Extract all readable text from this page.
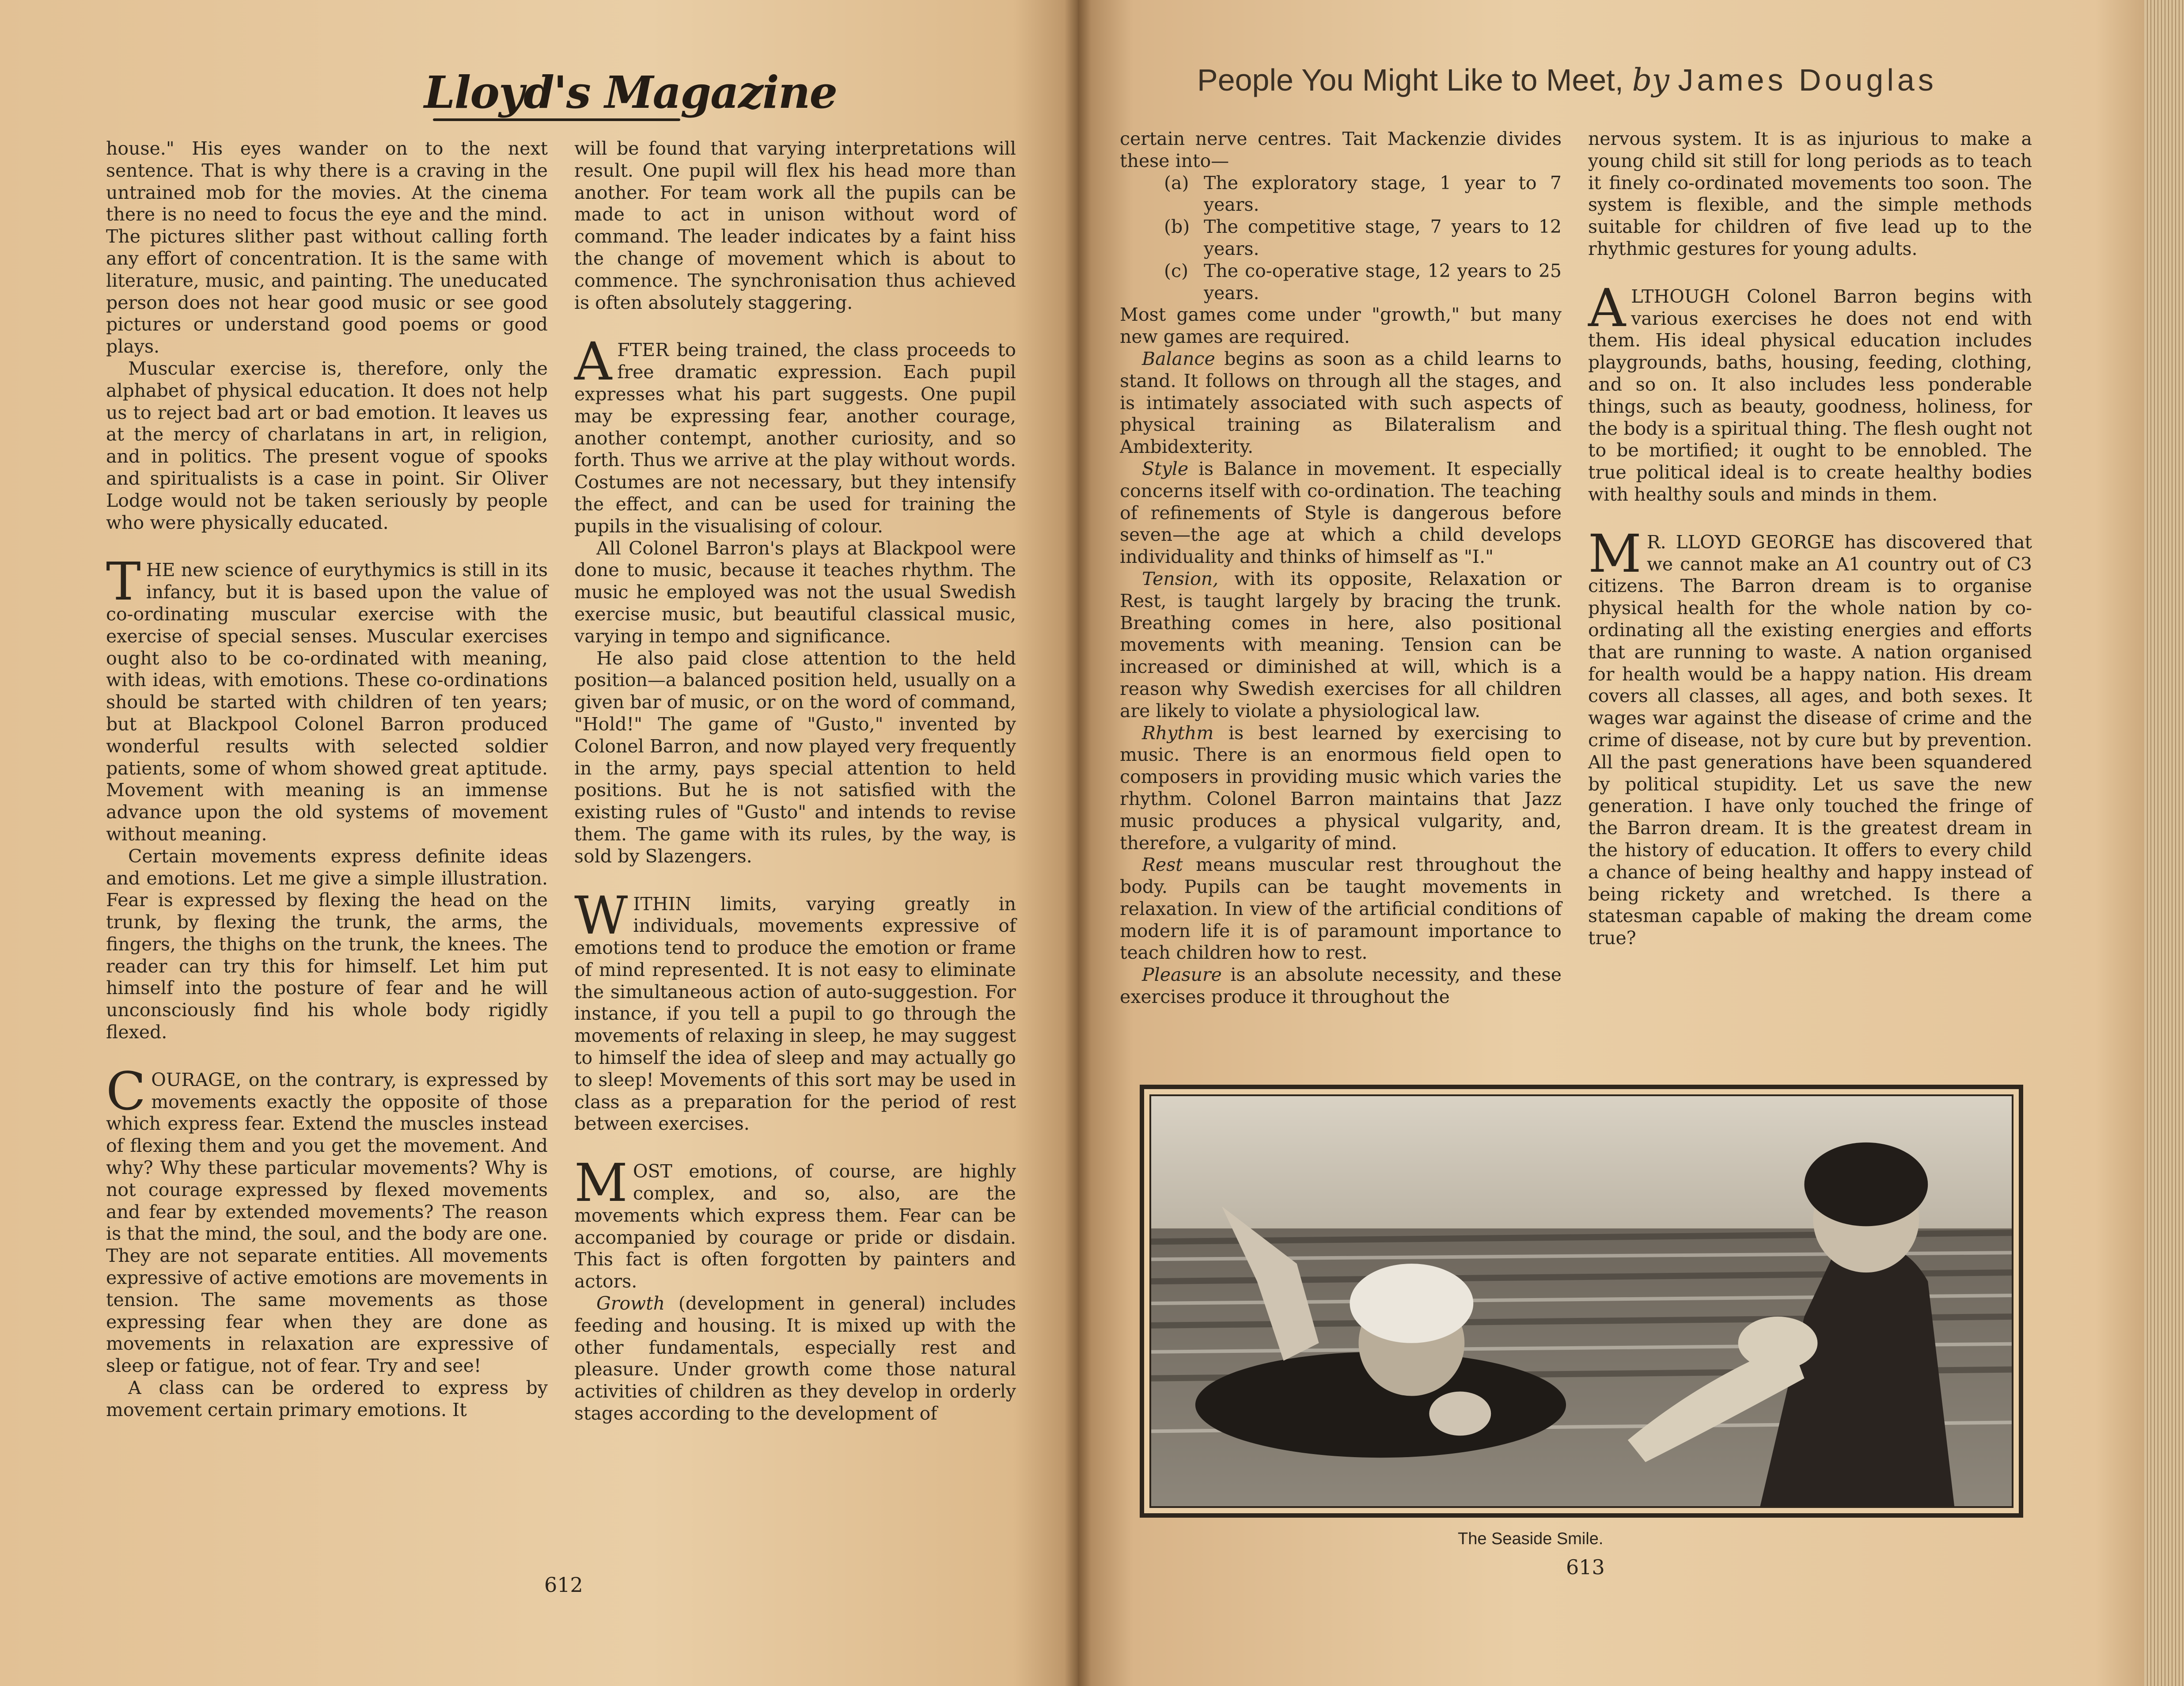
Lloyd's Magazine	People You Might Like to Meet, by James Douglas

house." His eyes wander on to the next sentence. That is why there is a craving in the untrained mob for the movies. At the cinema there is no need to focus the eye and the mind. The pictures slither past without calling forth any effort of concentration. It is the same with literature, music, and painting. The uneducated person does not hear good music or see good pictures or understand good poems or good plays.

Muscular exercise is, therefore, only the alphabet of physical education. It does not help us to reject bad art or bad emotion. It leaves us at the mercy of charlatans in art, in religion, and in politics. The present vogue of spooks and spiritualists is a case in point. Sir Oliver Lodge would not be taken seriously by people who were physically educated.

THE new science of eurythymics is still in its infancy, but it is based upon the value of co-ordinating muscular exercise with the exercise of special senses. Muscular exercises ought also to be co-ordinated with meaning, with ideas, with emotions. These co-ordinations should be started with children of ten years; but at Blackpool Colonel Barron produced wonderful results with selected soldier patients, some of whom showed great aptitude. Movement with meaning is an immense advance upon the old systems of movement without meaning.

Certain movements express definite ideas and emotions. Let me give a simple illustration. Fear is expressed by flexing the head on the trunk, by flexing the trunk, the arms, the fingers, the thighs on the trunk, the knees. The reader can try this for himself. Let him put himself into the posture of fear and he will unconsciously find his whole body rigidly flexed.

COURAGE, on the contrary, is expressed by movements exactly the opposite of those which express fear. Extend the muscles instead of flexing them and you get the movement. And why? Why these particular movements? Why is not courage expressed by flexed movements and fear by extended movements? The reason is that the mind, the soul, and the body are one. They are not separate entities. All movements expressive of active emotions are movements in tension. The same movements as those expressing fear when they are done as movements in relaxation are expressive of sleep or fatigue, not of fear. Try and see!

A class can be ordered to express by movement certain primary emotions. It

will be found that varying interpretations will result. One pupil will flex his head more than another. For team work all the pupils can be made to act in unison without word of command. The leader indicates by a faint hiss the change of movement which is about to commence. The synchronisation thus achieved is often absolutely staggering.

AFTER being trained, the class proceeds to free dramatic expression. Each pupil expresses what his part suggests. One pupil may be expressing fear, another courage, another contempt, another curiosity, and so forth. Thus we arrive at the play without words. Costumes are not necessary, but they intensify the effect, and can be used for training the pupils in the visualising of colour.

All Colonel Barron's plays at Blackpool were done to music, because it teaches rhythm. The music he employed was not the usual Swedish exercise music, but beautiful classical music, varying in tempo and significance.

He also paid close attention to the held position—a balanced position held, usually on a given bar of music, or on the word of command, "Hold!" The game of "Gusto," invented by Colonel Barron, and now played very frequently in the army, pays special attention to held positions. But he is not satisfied with the existing rules of "Gusto" and intends to revise them. The game with its rules, by the way, is sold by Slazengers.

WITHIN limits, varying greatly in individuals, movements expressive of emotions tend to produce the emotion or frame of mind represented. It is not easy to eliminate the simultaneous action of auto-suggestion. For instance, if you tell a pupil to go through the movements of relaxing in sleep, he may suggest to himself the idea of sleep and may actually go to sleep! Movements of this sort may be used in class as a preparation for the period of rest between exercises.

MOST emotions, of course, are highly complex, and so, also, are the movements which express them. Fear can be accompanied by courage or pride or disdain. This fact is often forgotten by painters and actors.

Growth (development in general) includes feeding and housing. It is mixed up with the other fundamentals, especially rest and pleasure. Under growth come those natural activities of children as they develop in orderly stages according to the development of

612

certain nerve centres. Tait Mackenzie divides these into—

(a) The exploratory stage, 1 year to 7 years.

(b) The competitive stage, 7 years to 12 years.

(c) The co-operative stage, 12 years to 25 years.

Most games come under "growth," but many new games are required.

Balance begins as soon as a child learns to stand. It follows on through all the stages, and is intimately associated with such aspects of physical training as Bilateralism and Ambidexterity.

Style is Balance in movement. It especially concerns itself with co-ordination. The teaching of refinements of Style is dangerous before seven—the age at which a child develops individuality and thinks of himself as "I."

Tension, with its opposite, Relaxation or Rest, is taught largely by bracing the trunk. Breathing comes in here, also positional movements with meaning. Tension can be increased or diminished at will, which is a reason why Swedish exercises for all children are likely to violate a physiological law.

Rhythm is best learned by exercising to music. There is an enormous field open to composers in providing music which varies the rhythm. Colonel Barron maintains that Jazz music produces a physical vulgarity, and, therefore, a vulgarity of mind.

Rest means muscular rest throughout the body. Pupils can be taught movements in relaxation. In view of the artificial conditions of modern life it is of paramount importance to teach children how to rest.

Pleasure is an absolute necessity, and these exercises produce it throughout the

nervous system. It is as injurious to make a young child sit still for long periods as to teach it finely co-ordinated movements too soon. The system is flexible, and the simple methods suitable for children of five lead up to the rhythmic gestures for young adults.

ALTHOUGH Colonel Barron begins with various exercises he does not end with them. His ideal physical education includes playgrounds, baths, housing, feeding, clothing, and so on. It also includes less ponderable things, such as beauty, goodness, holiness, for the body is a spiritual thing. The flesh ought not to be mortified; it ought to be ennobled. The true political ideal is to create healthy bodies with healthy souls and minds in them.

M R. LLOYD GEORGE has discovered that we cannot make an A1 country out of C3 citizens. The Barron dream is to organise physical health for the whole nation by co-ordinating all the existing energies and efforts that are running to waste. A nation organised for health would be a happy nation. His dream covers all classes, all ages, and both sexes. It wages war against the disease of crime and the crime of disease, not by cure but by prevention. All the past generations have been squandered by political stupidity. Let us save the new generation. I have only touched the fringe of the Barron dream. It is the greatest dream in the history of education. It offers to every child a chance of being healthy and happy instead of being rickety and wretched. Is there a statesman capable of making the dream come true?

The Seaside Smile.
613
